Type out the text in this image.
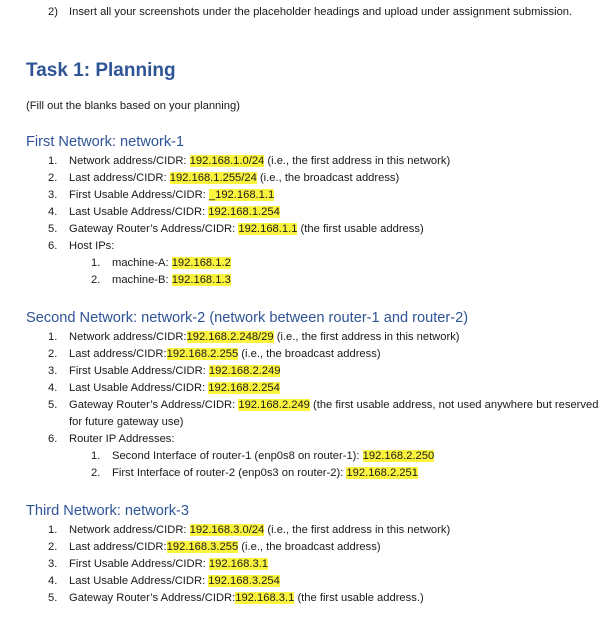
2) Insert all your screenshots under the placeholder headings and upload under assignment submission.
Task 1: Planning
(Fill out the blanks based on your planning)
First Network: network-1
1. Network address/CIDR: 192.168.1.0/24 (i.e., the first address in this network)
2. Last address/CIDR: 192.168.1.255/24 (i.e., the broadcast address)
3. First Usable Address/CIDR: _192.168.1.1
4. Last Usable Address/CIDR: 192.168.1.254
5. Gateway Router’s Address/CIDR: 192.168.1.1 (the first usable address)
6. Host IPs:
1. machine-A: 192.168.1.2
2. machine-B: 192.168.1.3
Second Network: network-2 (network between router-1 and router-2)
1. Network address/CIDR:192.168.2.248/29 (i.e., the first address in this network)
2. Last address/CIDR:192.168.2.255 (i.e., the broadcast address)
3. First Usable Address/CIDR: 192.168.2.249
4. Last Usable Address/CIDR: 192.168.2.254
5. Gateway Router’s Address/CIDR: 192.168.2.249 (the first usable address, not used anywhere but reserved for future gateway use)
6. Router IP Addresses:
1. Second Interface of router-1 (enp0s8 on router-1): 192.168.2.250
2. First Interface of router-2 (enp0s3 on router-2): 192.168.2.251
Third Network: network-3
1. Network address/CIDR: 192.168.3.0/24 (i.e., the first address in this network)
2. Last address/CIDR:192.168.3.255 (i.e., the broadcast address)
3. First Usable Address/CIDR: 192.168.3.1
4. Last Usable Address/CIDR: 192.168.3.254
5. Gateway Router’s Address/CIDR:192.168.3.1 (the first usable address.)
